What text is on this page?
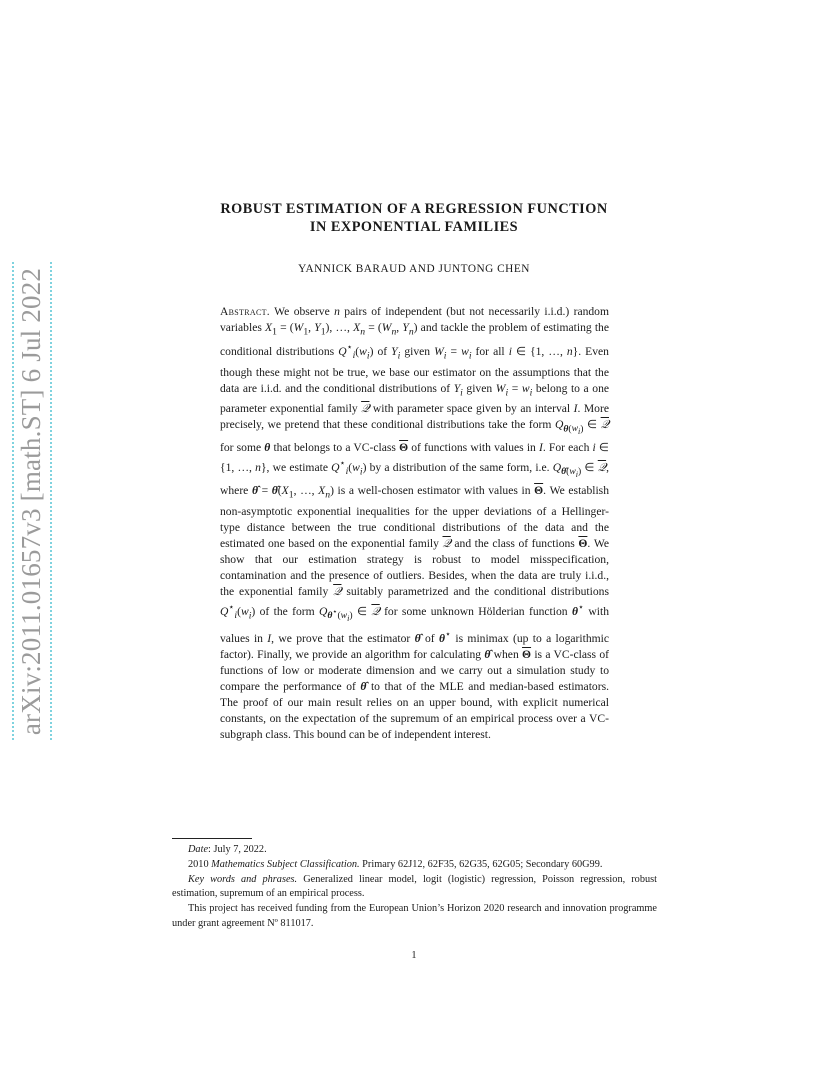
arXiv:2011.01657v3 [math.ST] 6 Jul 2022
ROBUST ESTIMATION OF A REGRESSION FUNCTION
IN EXPONENTIAL FAMILIES
YANNICK BARAUD AND JUNTONG CHEN

Abstract. We observe n pairs of independent (but not necessarily i.i.d.) random variables $X_1 = (W_1$, $Y_1$), …, $X_n = (W_n$, $Y_n$) and tackle the problem of estimating the conditional distributions $Q^⋆_i(w_i)$ of $Y_i$ given $W_i = w_i$ for all i ∈ {1, …, n}. Even though these might not be true, we base our estimator on the assumptions that the data are i.i.d. and the conditional distributions of $Y_i$ given $W_i = w_i$ belong to a one parameter exponential family 𝒬 with parameter space given by an interval I. More precisely, we pretend that these conditional distributions take the form $Q_{\theta(w_i)}$ ∈ 𝒬 for some θ that belongs to a VC-class $\overline{\Theta}$ of functions with values in I. For each i ∈ {1, …, n}, we estimate $Q^⋆_i(w_i)$ by a distribution of the same form, i.e. $Q_{\thetâ(w_i)}$ ∈ 𝒬, where θ̂ = $\thetâ(X_1$, …, $X_n$) is a well-chosen estimator with values in $\overline{\Theta}$. We establish non-asymptotic exponential inequalities for the upper deviations of a Hellinger-type distance between the true conditional distributions of the data and the estimated one based on the exponential family 𝒬 and the class of functions $\overline{\Theta}$. We show that our estimation strategy is robust to model misspecification, contamination and the presence of outliers. Besides, when the data are truly i.i.d., the exponential family 𝒬 suitably parametrized and the conditional distributions $Q^⋆_i(w_i)$ of the form $Q_{\theta^⋆(w_i)}$ ∈ 𝒬 for some unknown Hölderian function θ⋆ with values in I, we prove that the estimator θ̂ of θ⋆ is minimax (up to a logarithmic factor). Finally, we provide an algorithm for calculating θ̂ when $\overline{\Theta}$ is a VC-class of functions of low or moderate dimension and we carry out a simulation study to compare the performance of θ̂ to that of the MLE and median-based estimators. The proof of our main result relies on an upper bound, with explicit numerical constants, on the expectation of the supremum of an empirical process over a VC-subgraph class. This bound can be of independent interest.

Date: July 7, 2022.

2010 Mathematics Subject Classification. Primary 62J12, 62F35, 62G35, 62G05; Secondary 60G99.

Key words and phrases. Generalized linear model, logit (logistic) regression, Poisson regression, robust estimation, supremum of an empirical process.

This project has received funding from the European Union’s Horizon 2020 research and innovation programme under grant agreement Nº 811017.

1
